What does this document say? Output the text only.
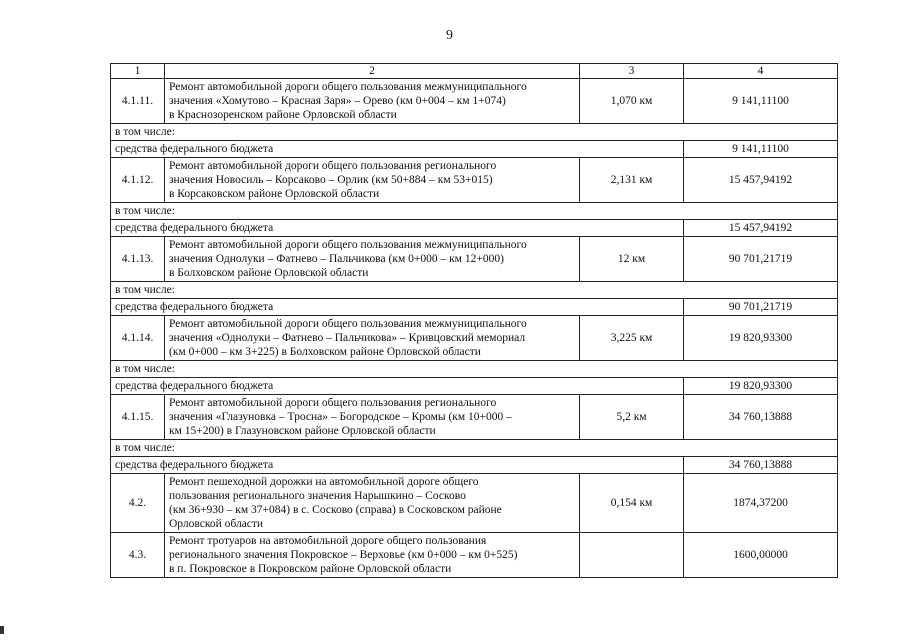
9
1	2	3	4
4.1.11.	Ремонт автомобильной дороги общего пользования межмуниципального
значения «Хомутово – Красная Заря» – Орево (км 0+004 – км 1+074)
в Краснозоренском районе Орловской области	1,070 км	9 141,11100
в том числе:			
средства федерального бюджета			9 141,11100
4.1.12.	Ремонт автомобильной дороги общего пользования регионального
значения Новосиль – Корсаково – Орлик (км 50+884 – км 53+015)
в Корсаковском районе Орловской области	2,131 км	15 457,94192
в том числе:			
средства федерального бюджета			15 457,94192
4.1.13.	Ремонт автомобильной дороги общего пользования межмуниципального
значения Однолуки – Фатнево – Пальчикова (км 0+000 – км 12+000)
в Болховском районе Орловской области	12 км	90 701,21719
в том числе:			
средства федерального бюджета			90 701,21719
4.1.14.	Ремонт автомобильной дороги общего пользования межмуниципального
значения «Однолуки – Фатнево – Пальчикова» – Кривцовский мемориал
(км 0+000 – км 3+225) в Болховском районе Орловской области	3,225 км	19 820,93300
в том числе:			
средства федерального бюджета			19 820,93300
4.1.15.	Ремонт автомобильной дороги общего пользования регионального
значения «Глазуновка – Тросна» – Богородское – Кромы (км 10+000 –
км 15+200) в Глазуновском районе Орловской области	5,2 км	34 760,13888
в том числе:			
средства федерального бюджета			34 760,13888
4.2.	Ремонт пешеходной дорожки на автомобильной дороге общего
пользования регионального значения Нарышкино – Сосково
(км 36+930 – км 37+084) в с. Сосково (справа) в Сосковском районе
Орловской области	0,154 км	1874,37200
4.3.	Ремонт тротуаров на автомобильной дороге общего пользования
регионального значения Покровское – Верховье (км 0+000 – км 0+525)
в п. Покровское в Покровском районе Орловской области		1600,00000
